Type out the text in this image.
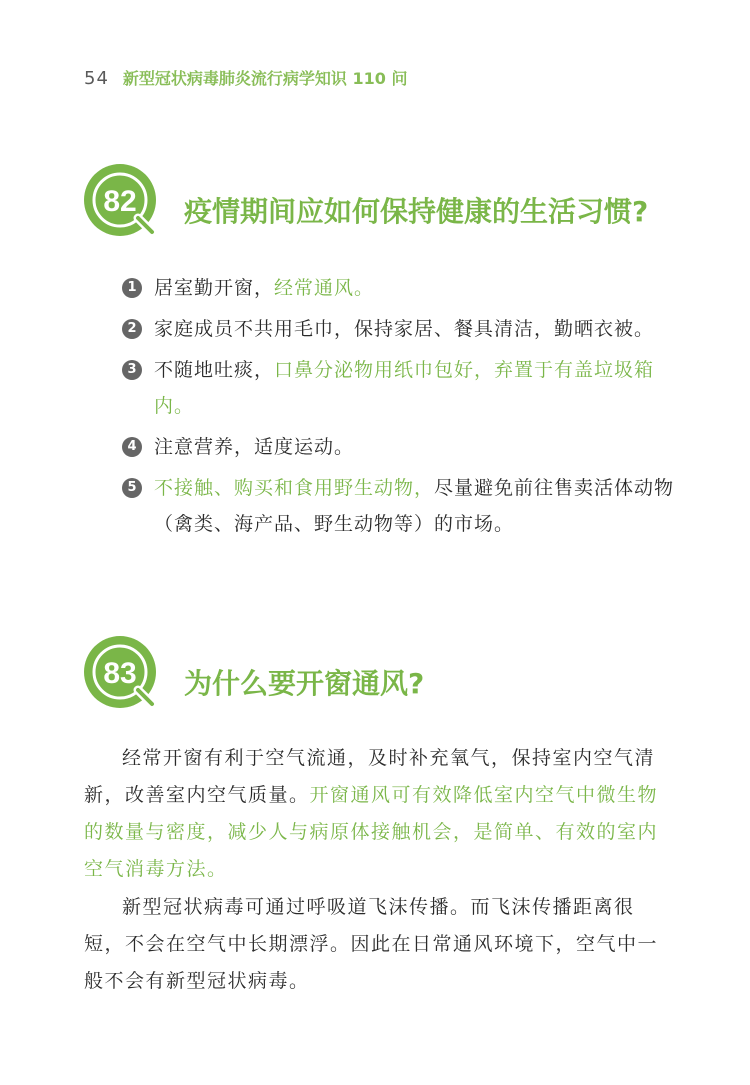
54 新型冠状病毒肺炎流行病学知识 110 问
82 疫情期间应如何保持健康的生活习惯?
1 居室勤开窗，经常通风。
2 家庭成员不共用毛巾，保持家居、餐具清洁，勤晒衣被。
3 不随地吐痰，口鼻分泌物用纸巾包好，弃置于有盖垃圾箱内。
4 注意营养，适度运动。
5 不接触、购买和食用野生动物，尽量避免前往售卖活体动物（禽类、海产品、野生动物等）的市场。
83 为什么要开窗通风?

经常开窗有利于空气流通，及时补充氧气，保持室内空气清新，改善室内空气质量。开窗通风可有效降低室内空气中微生物的数量与密度，减少人与病原体接触机会，是简单、有效的室内空气消毒方法。

新型冠状病毒可通过呼吸道飞沫传播。而飞沫传播距离很短，不会在空气中长期漂浮。因此在日常通风环境下，空气中一般不会有新型冠状病毒。
